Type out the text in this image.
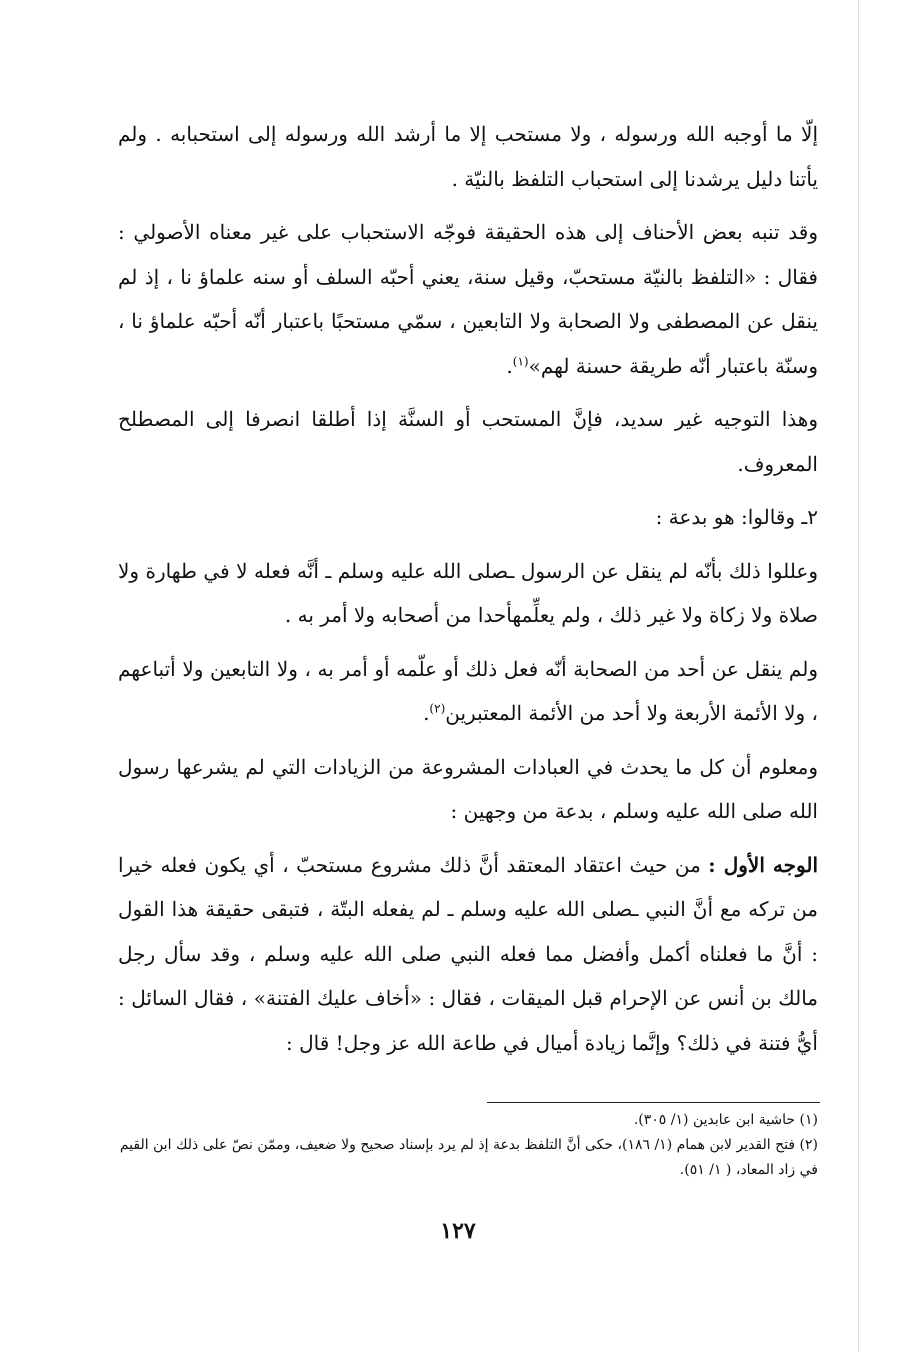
إلّا ما أوجبه الله ورسوله ، ولا مستحب إلا ما أرشد الله ورسوله إلى استحبابه . ولم يأتنا دليل يرشدنا إلى استحباب التلفظ بالنيّة .

وقد تنبه بعض الأحناف إلى هذه الحقيقة فوجّه الاستحباب على غير معناه الأصولي : فقال : «التلفظ بالنيّة مستحبّ، وقيل سنة، يعني أحبّه السلف أو سنه علماؤ نا ، إذ لم ينقل عن المصطفى ولا الصحابة ولا التابعين ، سمّي مستحبًا باعتبار أنّه أحبّه علماؤ نا ، وسنّة باعتبار أنّه طريقة حسنة لهم»$^{(١)}$.

وهذا التوجيه غير سديد، فإنَّ المستحب أو السنَّة إذا أطلقا انصرفا إلى المصطلح المعروف.

٢ـ وقالوا: هو بدعة :

وعللوا ذلك بأنّه لم ينقل عن الرسول ـصلى الله عليه وسلم ـ أنَّه فعله لا في طهارة ولا صلاة ولا زكاة ولا غير ذلك ، ولم يعلِّمهأحدا من أصحابه ولا أمر به .

ولم ينقل عن أحد من الصحابة أنّه فعل ذلك أو علّمه أو أمر به ، ولا التابعين ولا أتباعهم ، ولا الأئمة الأربعة ولا أحد من الأئمة المعتبرين$^{(٢)}$.

ومعلوم أن كل ما يحدث في العبادات المشروعة من الزيادات التي لم يشرعها رسول الله صلى الله عليه وسلم ، بدعة من وجهين :

الوجه الأول : من حيث اعتقاد المعتقد أنَّ ذلك مشروع مستحبّ ، أي يكون فعله خيرا من تركه مع أنَّ النبي ـصلى الله عليه وسلم ـ لم يفعله البتّة ، فتبقى حقيقة هذا القول : أنَّ ما فعلناه أكمل وأفضل مما فعله النبي صلى الله عليه وسلم ، وقد سأل رجل مالك بن أنس عن الإحرام قبل الميقات ، فقال : «أخاف عليك الفتنة» ، فقال السائل : أيُّ فتنة في ذلك؟ وإنَّما زيادة أميال في طاعة الله عز وجل! قال :

(١) حاشية ابن عابدين (١/ ٣٠٥).

(٢) فتح القدير لابن همام (١/ ١٨٦)، حكى أنَّ التلفظ بدعة إذ لم يرد بإسناد صحيح ولا ضعيف، وممّن نصّ على ذلك ابن القيم في زاد المعاد، ( ١/ ٥١).

١٢٧
